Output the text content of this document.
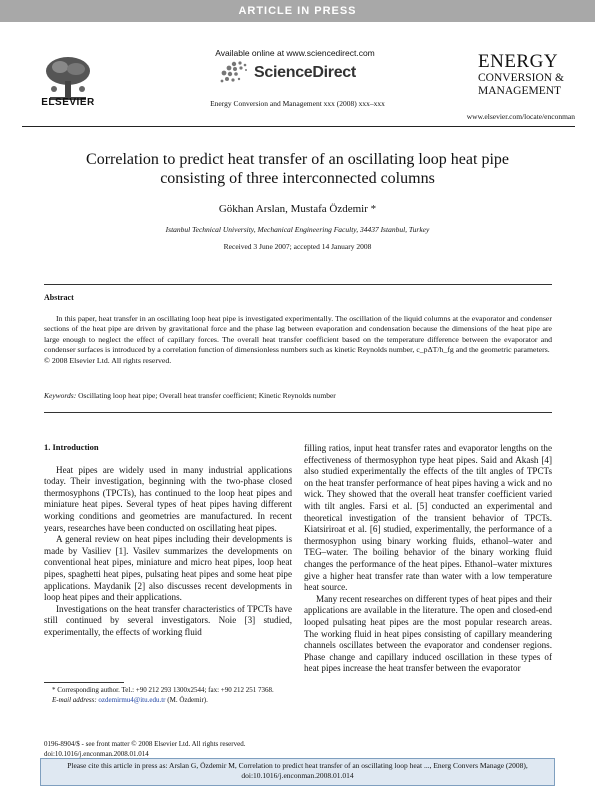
ARTICLE IN PRESS
ELSEVIER
Available online at www.sciencedirect.com
ScienceDirect
Energy Conversion and Management xxx (2008) xxx–xxx
ENERGY
CONVERSION &
MANAGEMENT
www.elsevier.com/locate/enconman
Correlation to predict heat transfer of an oscillating loop heat pipe consisting of three interconnected columns
Gökhan Arslan, Mustafa Özdemir *
Istanbul Technical University, Mechanical Engineering Faculty, 34437 Istanbul, Turkey
Received 3 June 2007; accepted 14 January 2008
Abstract

In this paper, heat transfer in an oscillating loop heat pipe is investigated experimentally. The oscillation of the liquid columns at the evaporator and condenser sections of the heat pipe are driven by gravitational force and the phase lag between evaporation and condensation because the dimensions of the heat pipe are large enough to neglect the effect of capillary forces. The overall heat transfer coefficient based on the temperature difference between the evaporator and condenser surfaces is introduced by a correlation function of dimensionless numbers such as kinetic Reynolds number, c_pΔT/h_fg and the geometric parameters.

© 2008 Elsevier Ltd. All rights reserved.

Keywords: Oscillating loop heat pipe; Overall heat transfer coefficient; Kinetic Reynolds number

1. Introduction

Heat pipes are widely used in many industrial applications today. Their investigation, beginning with the two-phase closed thermosyphons (TPCTs), has continued to the loop heat pipes and miniature heat pipes. Several types of heat pipes having different working conditions and geometries are manufactured. In recent years, researches have been conducted on oscillating heat pipes.

A general review on heat pipes including their developments is made by Vasiliev [1]. Vasilev summarizes the developments on conventional heat pipes, miniature and micro heat pipes, loop heat pipes, spaghetti heat pipes, pulsating heat pipes and some heat pipe applications. Maydanik [2] also discusses recent developments in loop heat pipes and their applications.

Investigations on the heat transfer characteristics of TPCTs have still continued by several investigators. Noie [3] studied, experimentally, the effects of working fluid

filling ratios, input heat transfer rates and evaporator lengths on the effectiveness of thermosyphon type heat pipes. Said and Akash [4] also studied experimentally the effects of the tilt angles of TPCTs on the heat transfer performance of heat pipes having a wick and no wick. They showed that the overall heat transfer coefficient varied with tilt angles. Farsi et al. [5] conducted an experimental and theoretical investigation of the transient behavior of TPCTs. Kiatsiriroat et al. [6] studied, experimentally, the performance of a thermosyphon using binary working fluids, ethanol–water and TEG–water. The boiling behavior of the binary working fluid changes the performance of the heat pipes. Ethanol–water mixtures give a higher heat transfer rate than water with a low temperature heat source.

Many recent researches on different types of heat pipes and their applications are available in the literature. The open and closed-end looped pulsating heat pipes are the most popular research areas. The working fluid in heat pipes consisting of capillary meandering channels oscillates between the evaporator and condenser regions. Phase change and capillary induced oscillation in these types of heat pipes increase the heat transfer between the evaporator

* Corresponding author. Tel.: +90 212 293 1300x2544; fax: +90 212 251 7368.

E-mail address: ozdemirmu4@itu.edu.tr (M. Özdemir).

0196-8904/$ - see front matter © 2008 Elsevier Ltd. All rights reserved.
doi:10.1016/j.enconman.2008.01.014
Please cite this article in press as: Arslan G, Özdemir M, Correlation to predict heat transfer of an oscillating loop heat ..., Energ Convers Manage (2008), doi:10.1016/j.enconman.2008.01.014
